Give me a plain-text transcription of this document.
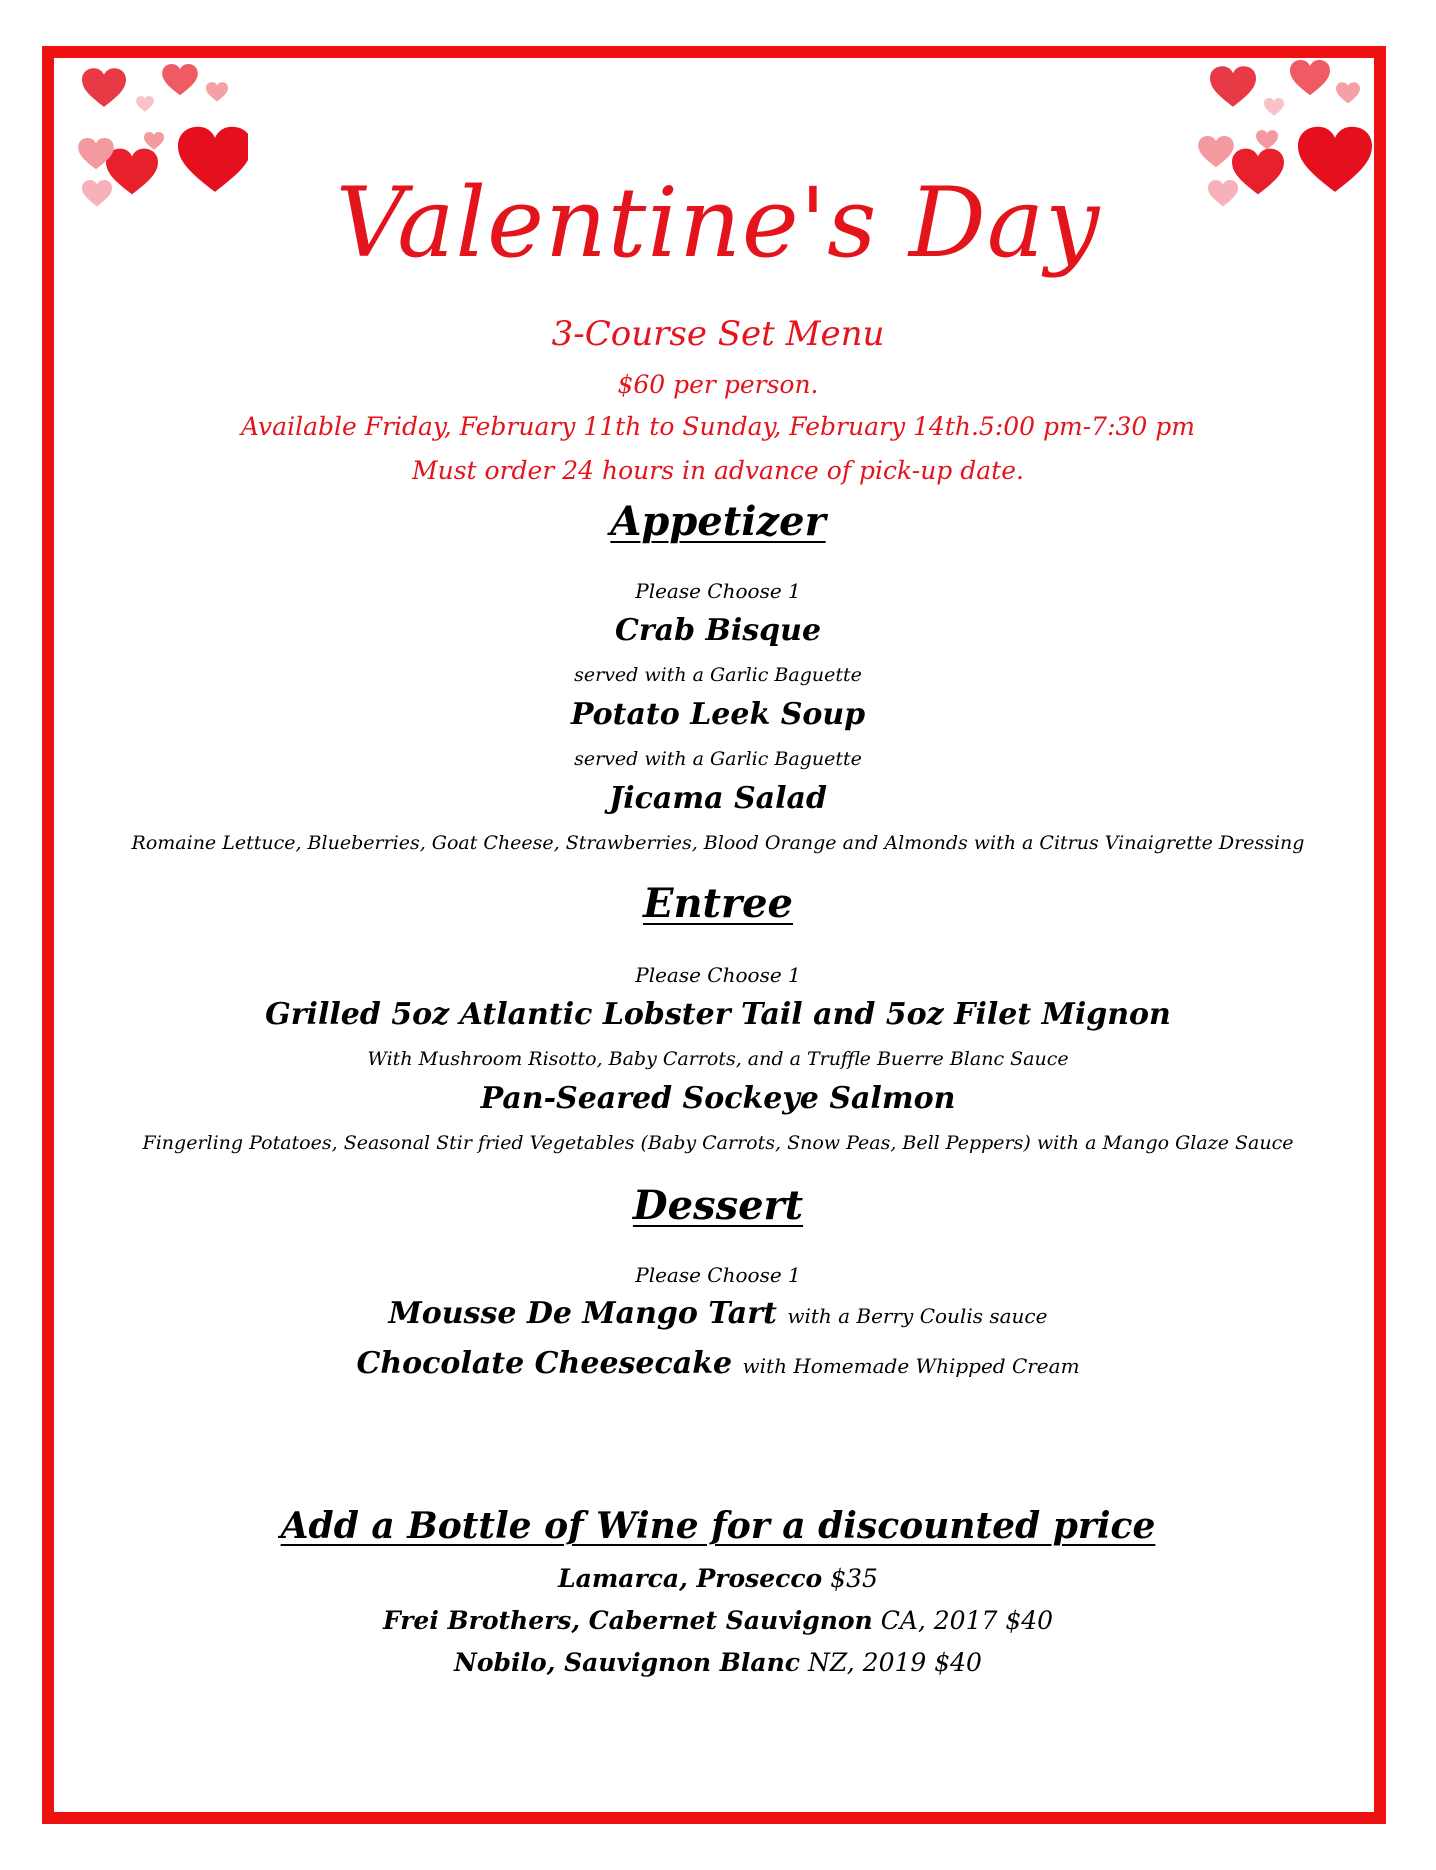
Valentine's Day
3-Course Set Menu
$60 per person.
Available Friday, February 11th to Sunday, February 14th.5:00 pm-7:30 pm
Must order 24 hours in advance of pick-up date.
Appetizer
Please Choose 1
Crab Bisque
served with a Garlic Baguette
Potato Leek Soup
served with a Garlic Baguette
Jicama Salad
Romaine Lettuce, Blueberries, Goat Cheese, Strawberries, Blood Orange and Almonds with a Citrus Vinaigrette Dressing
Entree
Please Choose 1
Grilled 5oz Atlantic Lobster Tail and 5oz Filet Mignon
With Mushroom Risotto, Baby Carrots, and a Truffle Buerre Blanc Sauce
Pan-Seared Sockeye Salmon
Fingerling Potatoes, Seasonal Stir fried Vegetables (Baby Carrots, Snow Peas, Bell Peppers) with a Mango Glaze Sauce
Dessert
Please Choose 1
Mousse De Mango Tart with a Berry Coulis sauce
Chocolate Cheesecake with Homemade Whipped Cream
Add a Bottle of Wine for a discounted price
Lamarca, Prosecco $35
Frei Brothers, Cabernet Sauvignon CA, 2017 $40
Nobilo, Sauvignon Blanc NZ, 2019 $40
